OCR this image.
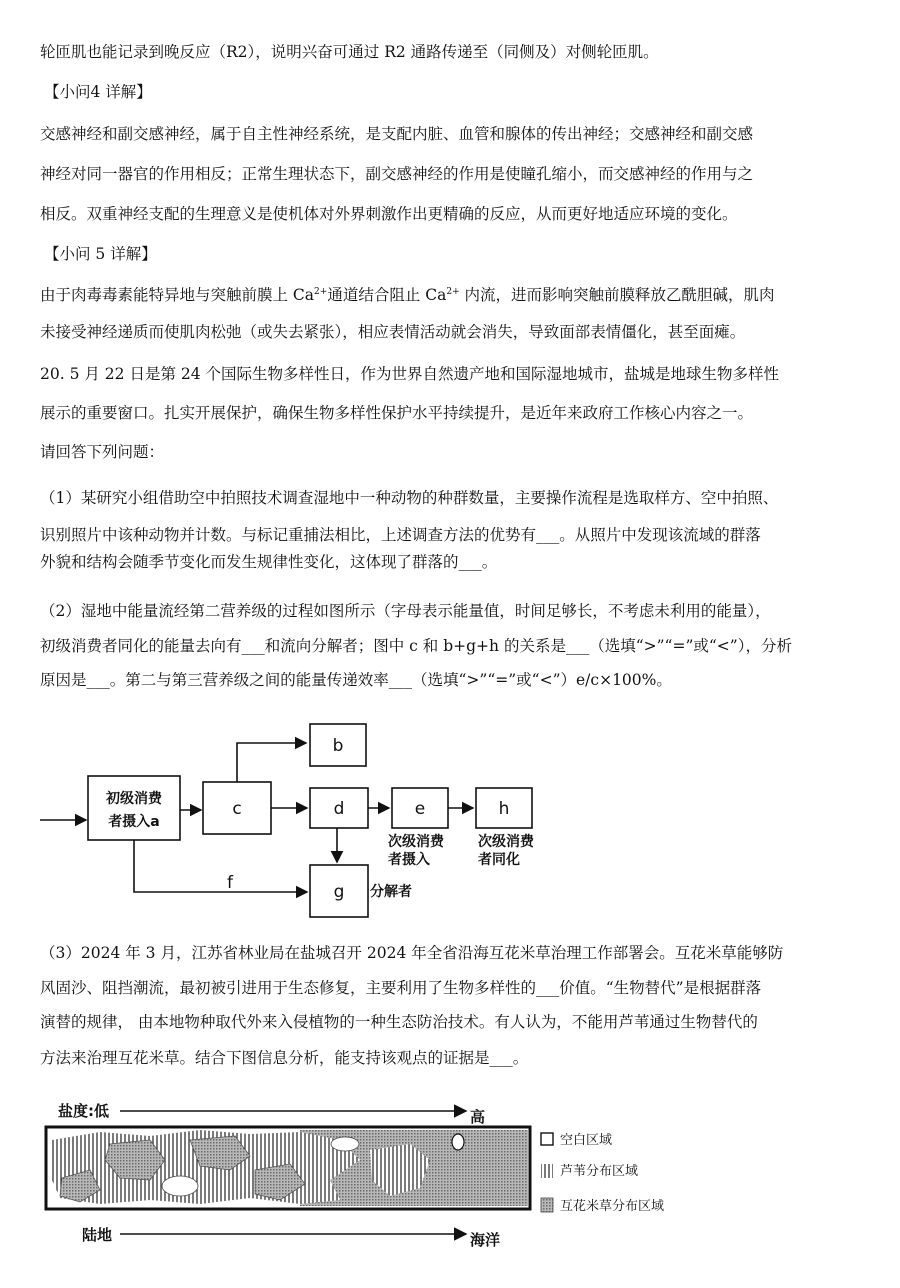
轮匝肌也能记录到晚反应（R2），说明兴奋可通过 R2 通路传递至（同侧及）对侧轮匝肌。
【小问4 详解】
交感神经和副交感神经，属于自主性神经系统，是支配内脏、血管和腺体的传出神经；交感神经和副交感
神经对同一器官的作用相反；正常生理状态下，副交感神经的作用是使瞳孔缩小，而交感神经的作用与之
相反。双重神经支配的生理意义是使机体对外界刺激作出更精确的反应，从而更好地适应环境的变化。
【小问 5 详解】
由于肉毒毒素能特异地与突触前膜上 $Ca^{2+}$通道结合阻止 $Ca^{2+}$ 内流，进而影响突触前膜释放乙酰胆碱，肌肉
未接受神经递质而使肌肉松弛（或失去紧张），相应表情活动就会消失，导致面部表情僵化，甚至面瘫。
20. 5 月 22 日是第 24 个国际生物多样性日，作为世界自然遗产地和国际湿地城市，盐城是地球生物多样性
展示的重要窗口。扎实开展保护，确保生物多样性保护水平持续提升，是近年来政府工作核心内容之一。
请回答下列问题：
（1）某研究小组借助空中拍照技术调查湿地中一种动物的种群数量，主要操作流程是选取样方、空中拍照、
识别照片中该种动物并计数。与标记重捕法相比，上述调查方法的优势有___。从照片中发现该流域的群落
外貌和结构会随季节变化而发生规律性变化，这体现了群落的___。
（2）湿地中能量流经第二营养级的过程如图所示（字母表示能量值，时间足够长，不考虑未利用的能量），
初级消费者同化的能量去向有___和流向分解者；图中 c 和 b+g+h 的关系是___（选填“>”“=”或“<”），分析
原因是___。第二与第三营养级之间的能量传递效率___（选填“>”“=”或“<”）e/c×100%。
初级消费
者摄入a
b
c	d	e	h
g
f
次级消费
者摄入
次级消费
者同化
分解者
（3）2024 年 3 月，江苏省林业局在盐城召开 2024 年全省沿海互花米草治理工作部署会。互花米草能够防
风固沙、阻挡潮流，最初被引进用于生态修复，主要利用了生物多样性的___价值。“生物替代”是根据群落
演替的规律， 由本地物种取代外来入侵植物的一种生态防治技术。有人认为，不能用芦苇通过生物替代的
方法来治理互花米草。结合下图信息分析，能支持该观点的证据是___。
盐度:低	高
陆地	海洋
空白区域
芦苇分布区域
互花米草分布区域
